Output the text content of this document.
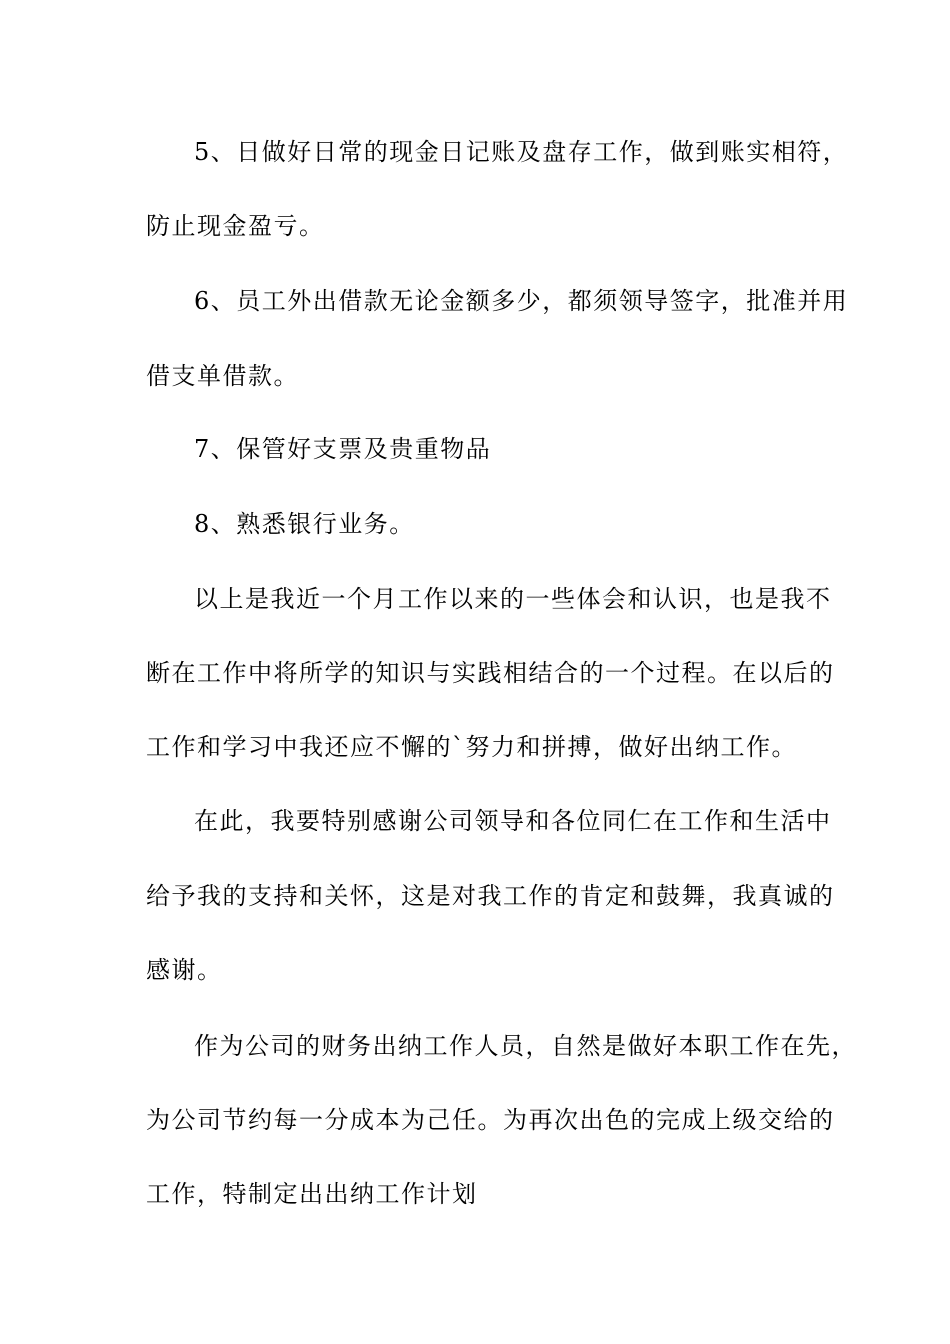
5、日做好日常的现金日记账及盘存工作，做到账实相符，
防止现金盈亏。
6、员工外出借款无论金额多少，都须领导签字，批准并用
借支单借款。
7、保管好支票及贵重物品
8、熟悉银行业务。
以上是我近一个月工作以来的一些体会和认识，也是我不
断在工作中将所学的知识与实践相结合的一个过程。在以后的
工作和学习中我还应不懈的`努力和拼搏，做好出纳工作。
在此，我要特别感谢公司领导和各位同仁在工作和生活中
给予我的支持和关怀，这是对我工作的肯定和鼓舞，我真诚的
感谢。
作为公司的财务出纳工作人员，自然是做好本职工作在先，
为公司节约每一分成本为己任。为再次出色的完成上级交给的
工作，特制定出出纳工作计划
